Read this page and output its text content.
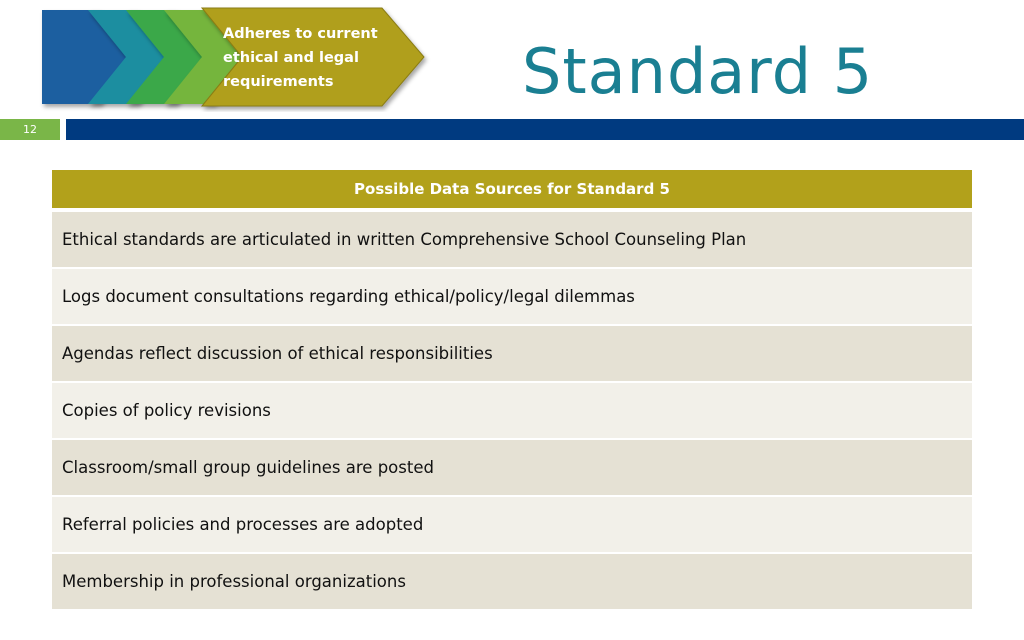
Adheres to current ethical and legal requirements	Standard 5
12
Possible Data Sources for Standard 5
Ethical standards are articulated in written Comprehensive School Counseling Plan
Logs document consultations regarding ethical/policy/legal dilemmas
Agendas reflect discussion of ethical responsibilities
Copies of policy revisions
Classroom/small group guidelines are posted
Referral policies and processes are adopted
Membership in professional organizations
